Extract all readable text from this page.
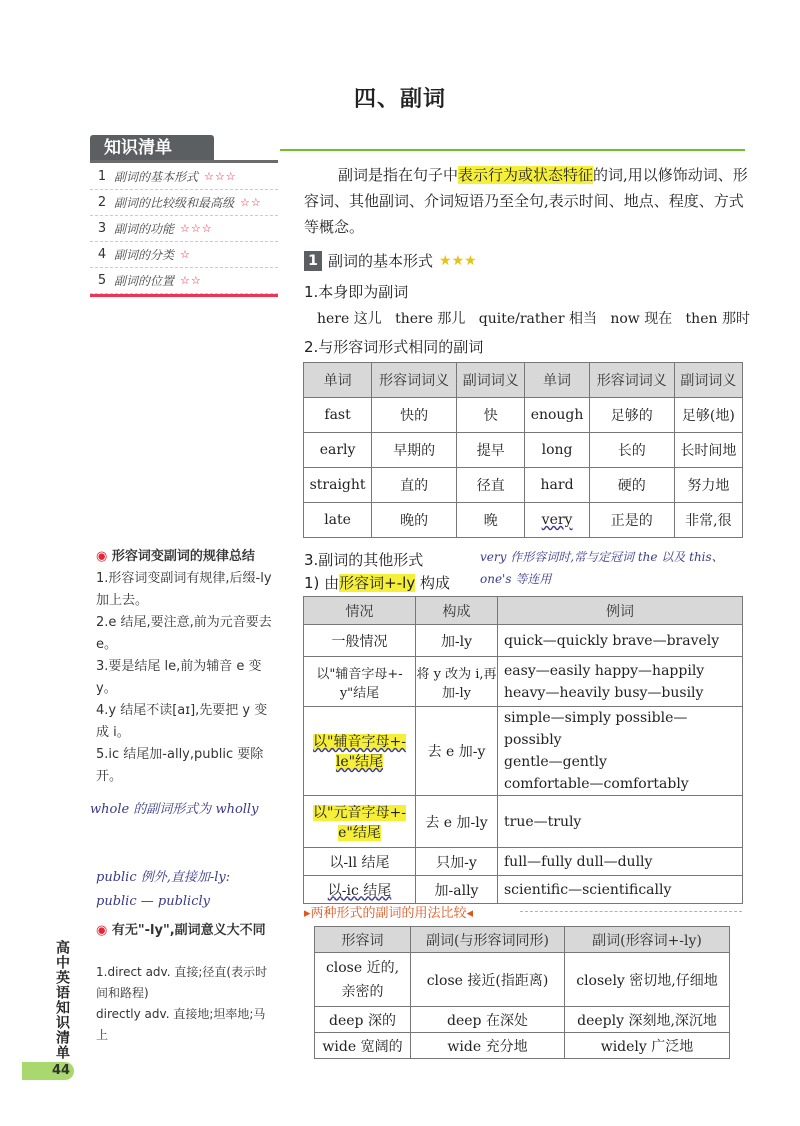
四、副词
知识清单
1 副词的基本形式 ☆☆☆
2 副词的比较级和最高级 ☆☆
3 副词的功能 ☆☆☆
4 副词的分类 ☆
5 副词的位置 ☆☆
副词是指在句子中表示行为或状态特征的词,用以修饰动词、形容词、其他副词、介词短语乃至全句,表示时间、地点、程度、方式等概念。
1 副词的基本形式 ★★★
1.本身即为副词
here 这儿   there 那儿   quite/rather 相当   now 现在   then 那时
2.与形容词形式相同的副词
单词	形容词词义	副词词义	单词	形容词词义	副词词义
fast	快的	快	enough	足够的	足够(地)
early	早期的	提早	long	长的	长时间地
straight	直的	径直	hard	硬的	努力地
late	晚的	晚	very	正是的	非常,很
3.副词的其他形式	very 作形容词时,常与定冠词 the 以及 this、one's 等连用
1) 由形容词+-ly 构成
情况	构成	例词
一般情况	加-ly	quick—quickly brave—bravely

以"辅音字母+-y"结尾	将 y 改为 i,再加-ly	easy—easily happy—happily
heavy—heavily busy—busily

以"辅音字母+-le"结尾	去 e 加-y	simple—simply possible—possibly
gentle—gently
comfortable—comfortably

以"元音字母+-e"结尾	去 e 加-ly	true—truly

以-ll 结尾	只加-y	full—fully dull—dully

以-ic 结尾	加-ally	scientific—scientifically
▸两种形式的副词的用法比较◂
形容词	副词(与形容词同形)	副词(形容词+-ly)
close 近的,亲密的	close 接近(指距离)	closely 密切地,仔细地
deep 深的	deep 在深处	deeply 深刻地,深沉地
wide 宽阔的	wide 充分地	widely 广泛地
◉ 形容词变副词的规律总结
1.形容词变副词有规律,后缀-ly加上去。
2.e 结尾,要注意,前为元音要去 e。
3.要是结尾 le,前为辅音 e 变 y。
4.y 结尾不读[aɪ],先要把 y 变成 i。
5.ic 结尾加-ally,public 要除开。
whole 的副词形式为 wholly
public 例外,直接加-ly:
public — publicly
◉ 有无"-ly",副词意义大不同
1.direct adv. 直接;径直(表示时间和路程)
directly adv. 直接地;坦率地;马上
高中英语知识清单
44
